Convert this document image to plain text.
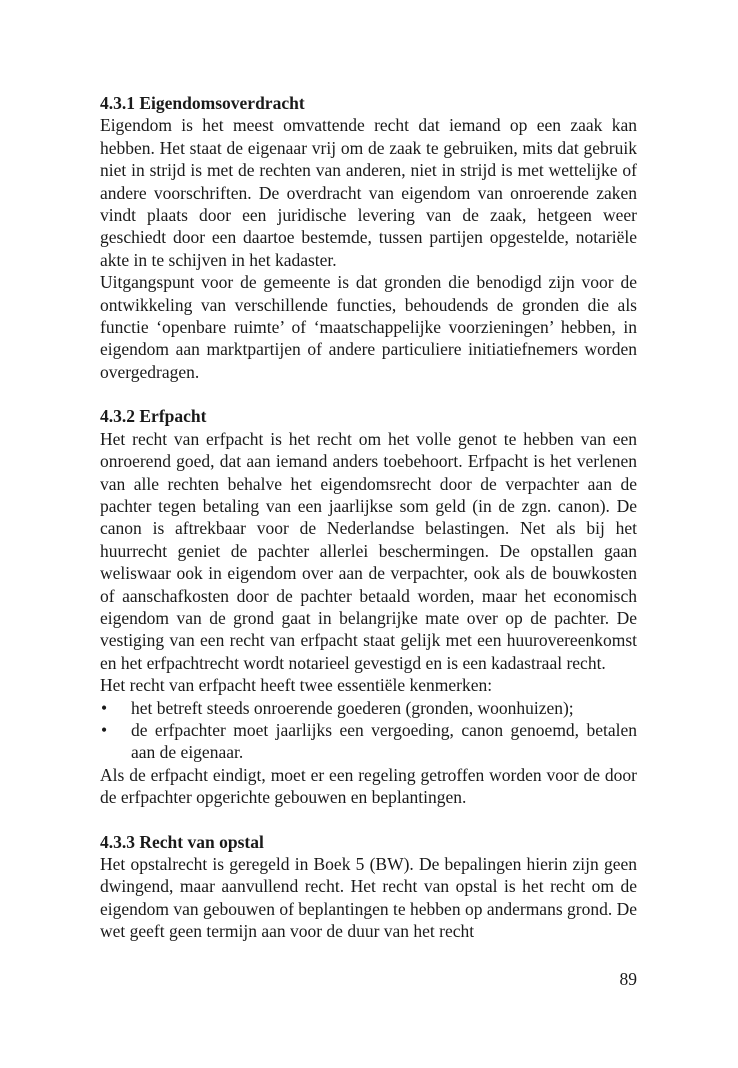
4.3.1 Eigendomsoverdracht

Eigendom is het meest omvattende recht dat iemand op een zaak kan hebben. Het staat de eigenaar vrij om de zaak te gebruiken, mits dat gebruik niet in strijd is met de rechten van anderen, niet in strijd is met wettelijke of andere voorschriften. De overdracht van eigendom van onroerende zaken vindt plaats door een juridische levering van de zaak, hetgeen weer geschiedt door een daartoe bestemde, tussen partijen opgestelde, notariële akte in te schijven in het kadaster.

Uitgangspunt voor de gemeente is dat gronden die benodigd zijn voor de ontwikkeling van verschillende functies, behoudends de gronden die als functie ‘openbare ruimte’ of ‘maatschappelijke voorzieningen’ hebben, in eigendom aan marktpartijen of andere particuliere initiatiefnemers worden overgedragen.

4.3.2 Erfpacht

Het recht van erfpacht is het recht om het volle genot te hebben van een onroerend goed, dat aan iemand anders toebehoort. Erfpacht is het verlenen van alle rechten behalve het eigendomsrecht door de verpachter aan de pachter tegen betaling van een jaarlijkse som geld (in de zgn. canon). De canon is aftrekbaar voor de Nederlandse belastingen. Net als bij het huurrecht geniet de pachter allerlei beschermingen. De opstallen gaan weliswaar ook in eigendom over aan de verpachter, ook als de bouwkosten of aanschafkosten door de pachter betaald worden, maar het economisch eigendom van de grond gaat in belangrijke mate over op de pachter. De vestiging van een recht van erfpacht staat gelijk met een huurovereenkomst en het erfpachtrecht wordt notarieel gevestigd en is een kadastraal recht.

Het recht van erfpacht heeft twee essentiële kenmerken:

• het betreft steeds onroerende goederen (gronden, woonhuizen);
• de erfpachter moet jaarlijks een vergoeding, canon genoemd, betalen aan de eigenaar.

Als de erfpacht eindigt, moet er een regeling getroffen worden voor de door de erfpachter opgerichte gebouwen en beplantingen.

4.3.3 Recht van opstal

Het opstalrecht is geregeld in Boek 5 (BW). De bepalingen hierin zijn geen dwingend, maar aanvullend recht. Het recht van opstal is het recht om de eigendom van gebouwen of beplantingen te hebben op andermans grond. De wet geeft geen termijn aan voor de duur van het recht

89
